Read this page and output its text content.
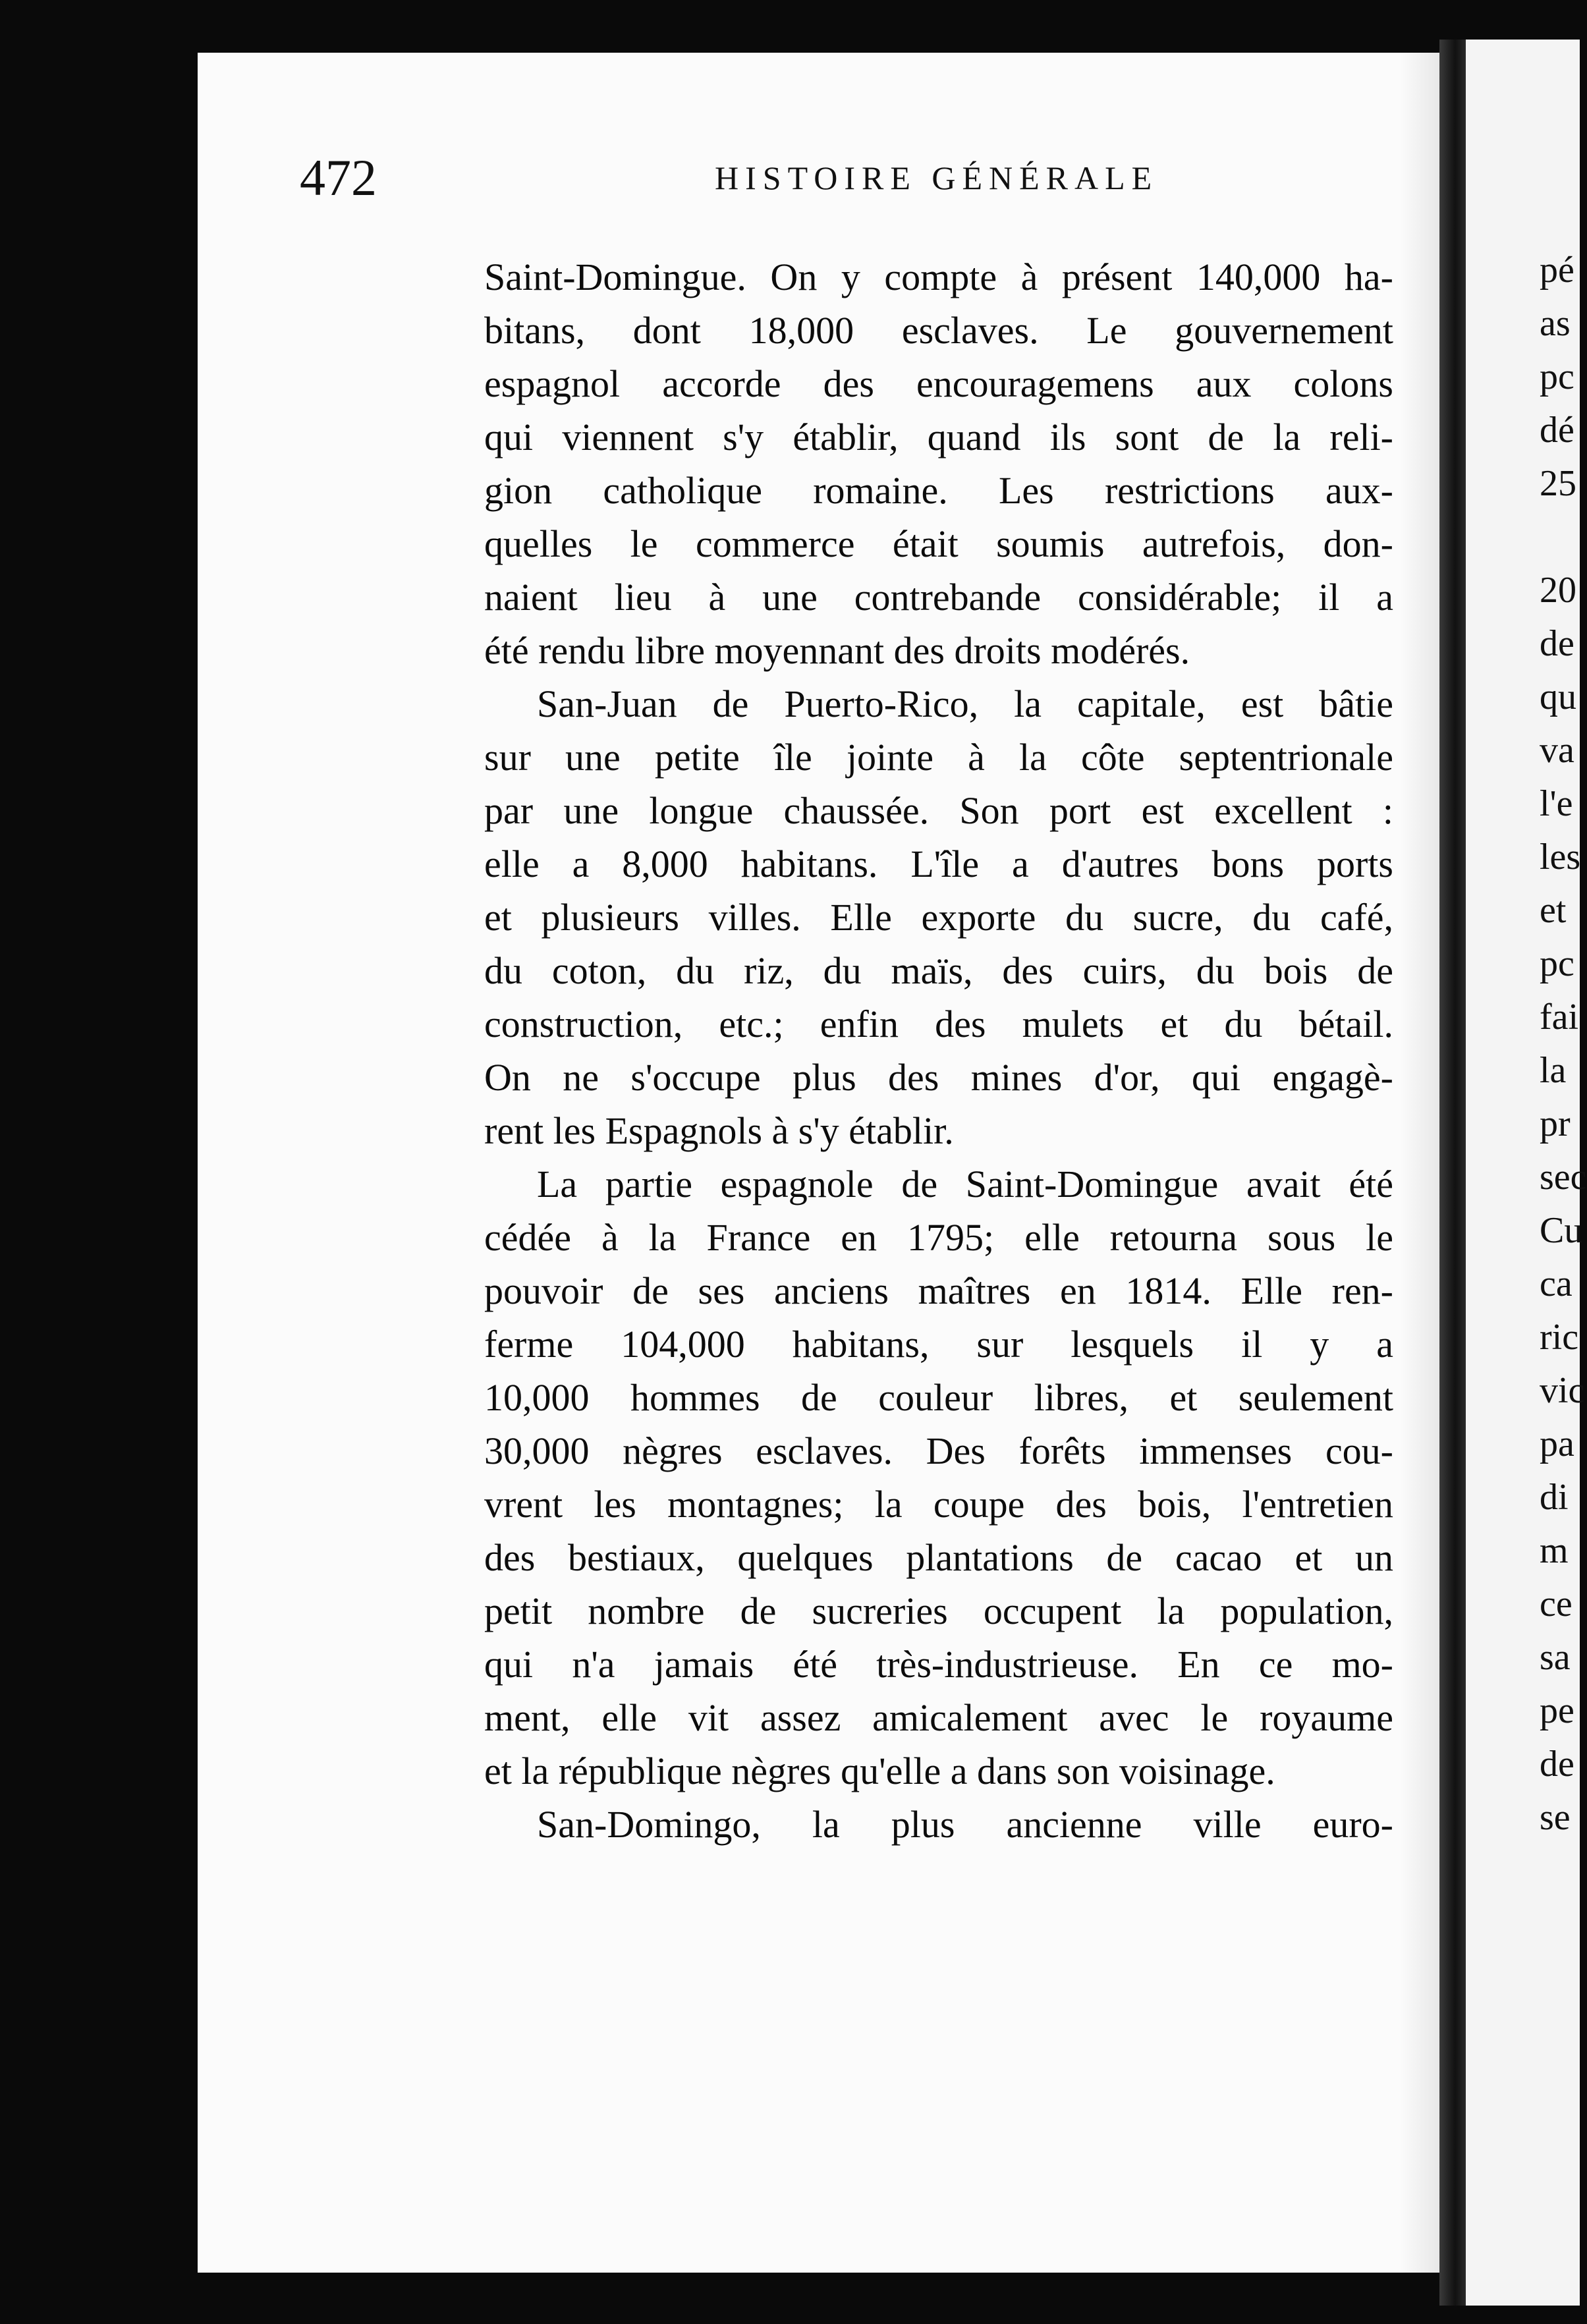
pé
as
pc
dé
25
20
de
qu
va
l'e
les
et
pc
fai
la
pr
sec
Cu
ca
ric
vic
pa
di
m
ce
sa
pe
de
se
472	HISTOIRE GÉNÉRALE
Saint-Domingue. On y compte à présent 140,000 ha-
bitans, dont 18,000 esclaves. Le gouvernement
espagnol accorde des encouragemens aux colons
qui viennent s'y établir, quand ils sont de la reli-
gion catholique romaine. Les restrictions aux-
quelles le commerce était soumis autrefois, don-
naient lieu à une contrebande considérable; il a
été rendu libre moyennant des droits modérés.
San-Juan de Puerto-Rico, la capitale, est bâtie
sur une petite île jointe à la côte septentrionale
par une longue chaussée. Son port est excellent :
elle a 8,000 habitans. L'île a d'autres bons ports
et plusieurs villes. Elle exporte du sucre, du café,
du coton, du riz, du maïs, des cuirs, du bois de
construction, etc.; enfin des mulets et du bétail.
On ne s'occupe plus des mines d'or, qui engagè-
rent les Espagnols à s'y établir.
La partie espagnole de Saint-Domingue avait été
cédée à la France en 1795; elle retourna sous le
pouvoir de ses anciens maîtres en 1814. Elle ren-
ferme 104,000 habitans, sur lesquels il y a
10,000 hommes de couleur libres, et seulement
30,000 nègres esclaves. Des forêts immenses cou-
vrent les montagnes; la coupe des bois, l'entretien
des bestiaux, quelques plantations de cacao et un
petit nombre de sucreries occupent la population,
qui n'a jamais été très-industrieuse. En ce mo-
ment, elle vit assez amicalement avec le royaume
et la république nègres qu'elle a dans son voisinage.
San-Domingo, la plus ancienne ville euro-
